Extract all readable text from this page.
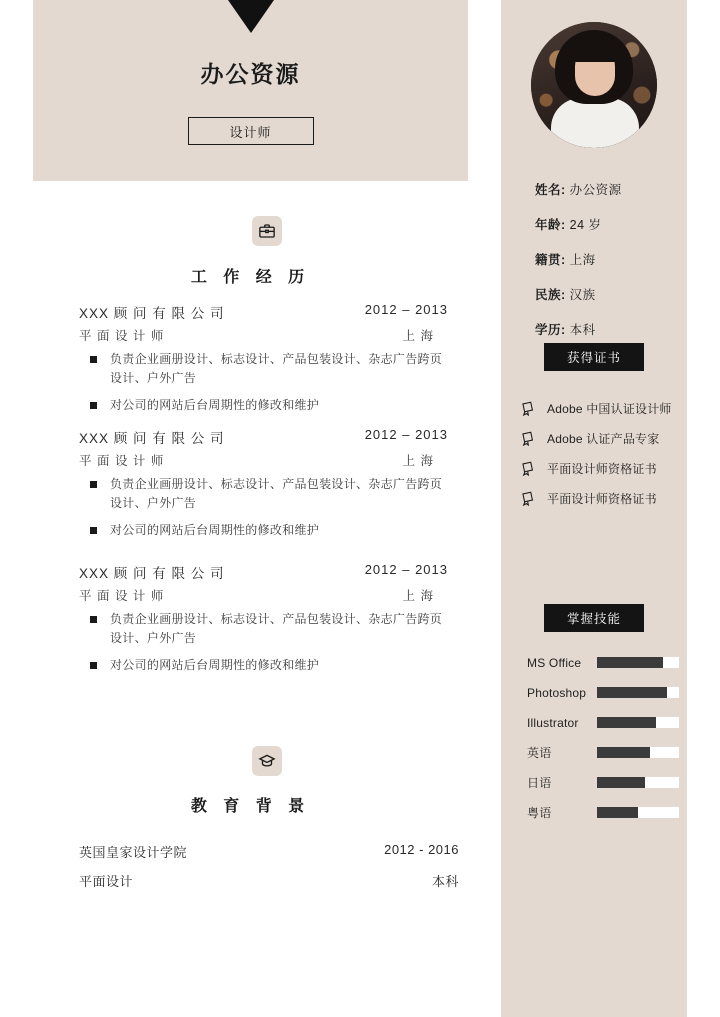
办公资源
设计师
工 作 经 历
XXX 顾 问 有 限 公 司	2012 – 2013
平 面 设 计 师	上 海
负责企业画册设计、标志设计、产品包装设计、杂志广告跨页设计、户外广告
对公司的网站后台周期性的修改和维护
XXX 顾 问 有 限 公 司	2012 – 2013
平 面 设 计 师	上 海
负责企业画册设计、标志设计、产品包装设计、杂志广告跨页设计、户外广告
对公司的网站后台周期性的修改和维护
XXX 顾 问 有 限 公 司	2012 – 2013
平 面 设 计 师	上 海
负责企业画册设计、标志设计、产品包装设计、杂志广告跨页设计、户外广告
对公司的网站后台周期性的修改和维护
教 育 背 景
英国皇家设计学院	2012 - 2016
平面设计	本科
姓名: 办公资源
年龄: 24 岁
籍贯: 上海
民族: 汉族
学历: 本科
获得证书
Adobe 中国认证设计师
Adobe 认证产品专家
平面设计师资格证书
平面设计师资格证书
掌握技能
MS Office
Photoshop
Illustrator
英语
日语
粤语
